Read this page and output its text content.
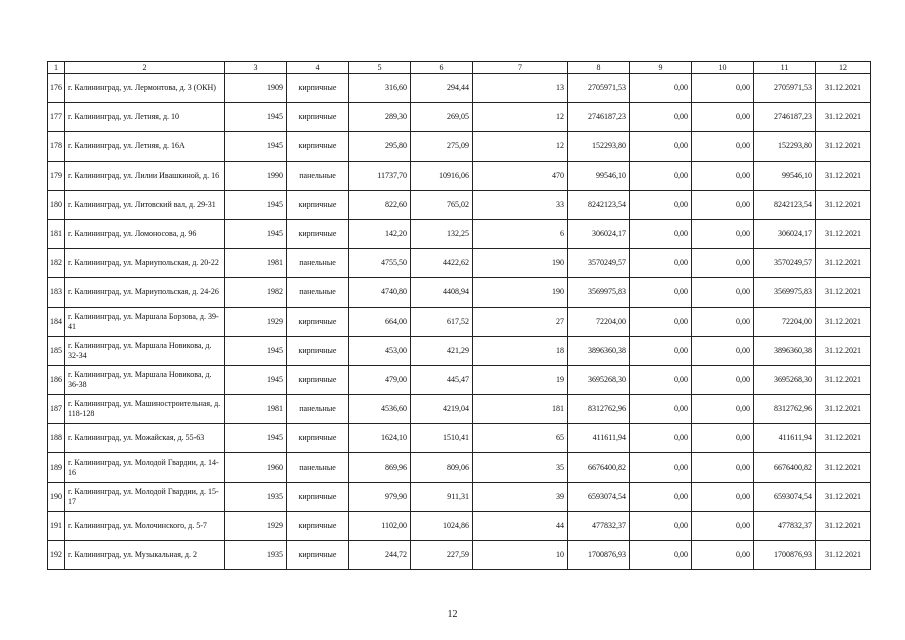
1	2	3	4	5	6	7	8	9	10	11	12
176	г. Калининград, ул. Лермонтова, д. 3 (ОКН)	1909	кирпичные	316,60	294,44	13	2705971,53	0,00	0,00	2705971,53	31.12.2021
177	г. Калининград, ул. Летняя, д. 10	1945	кирпичные	289,30	269,05	12	2746187,23	0,00	0,00	2746187,23	31.12.2021
178	г. Калининград, ул. Летняя, д. 16А	1945	кирпичные	295,80	275,09	12	152293,80	0,00	0,00	152293,80	31.12.2021
179	г. Калининград, ул. Лилии Ивашкиной, д. 16	1990	панельные	11737,70	10916,06	470	99546,10	0,00	0,00	99546,10	31.12.2021
180	г. Калининград, ул. Литовский вал, д. 29-31	1945	кирпичные	822,60	765,02	33	8242123,54	0,00	0,00	8242123,54	31.12.2021
181	г. Калининград, ул. Ломоносова, д. 96	1945	кирпичные	142,20	132,25	6	306024,17	0,00	0,00	306024,17	31.12.2021
182	г. Калининград, ул. Мариупольская, д. 20-22	1981	панельные	4755,50	4422,62	190	3570249,57	0,00	0,00	3570249,57	31.12.2021
183	г. Калининград, ул. Мариупольская, д. 24-26	1982	панельные	4740,80	4408,94	190	3569975,83	0,00	0,00	3569975,83	31.12.2021
184	г. Калининград, ул. Маршала Борзова, д. 39-41	1929	кирпичные	664,00	617,52	27	72204,00	0,00	0,00	72204,00	31.12.2021
185	г. Калининград, ул. Маршала Новикова, д. 32-34	1945	кирпичные	453,00	421,29	18	3896360,38	0,00	0,00	3896360,38	31.12.2021
186	г. Калининград, ул. Маршала Новикова, д. 36-38	1945	кирпичные	479,00	445,47	19	3695268,30	0,00	0,00	3695268,30	31.12.2021
187	г. Калининград, ул. Машиностроительная, д. 118-128	1981	панельные	4536,60	4219,04	181	8312762,96	0,00	0,00	8312762,96	31.12.2021
188	г. Калининград, ул. Можайская, д. 55-63	1945	кирпичные	1624,10	1510,41	65	411611,94	0,00	0,00	411611,94	31.12.2021
189	г. Калининград, ул. Молодой Гвардии, д. 14-16	1960	панельные	869,96	809,06	35	6676400,82	0,00	0,00	6676400,82	31.12.2021
190	г. Калининград, ул. Молодой Гвардии, д. 15-17	1935	кирпичные	979,90	911,31	39	6593074,54	0,00	0,00	6593074,54	31.12.2021
191	г. Калининград, ул. Молочинского, д. 5-7	1929	кирпичные	1102,00	1024,86	44	477832,37	0,00	0,00	477832,37	31.12.2021
192	г. Калининград, ул. Музыкальная, д. 2	1935	кирпичные	244,72	227,59	10	1700876,93	0,00	0,00	1700876,93	31.12.2021
12
